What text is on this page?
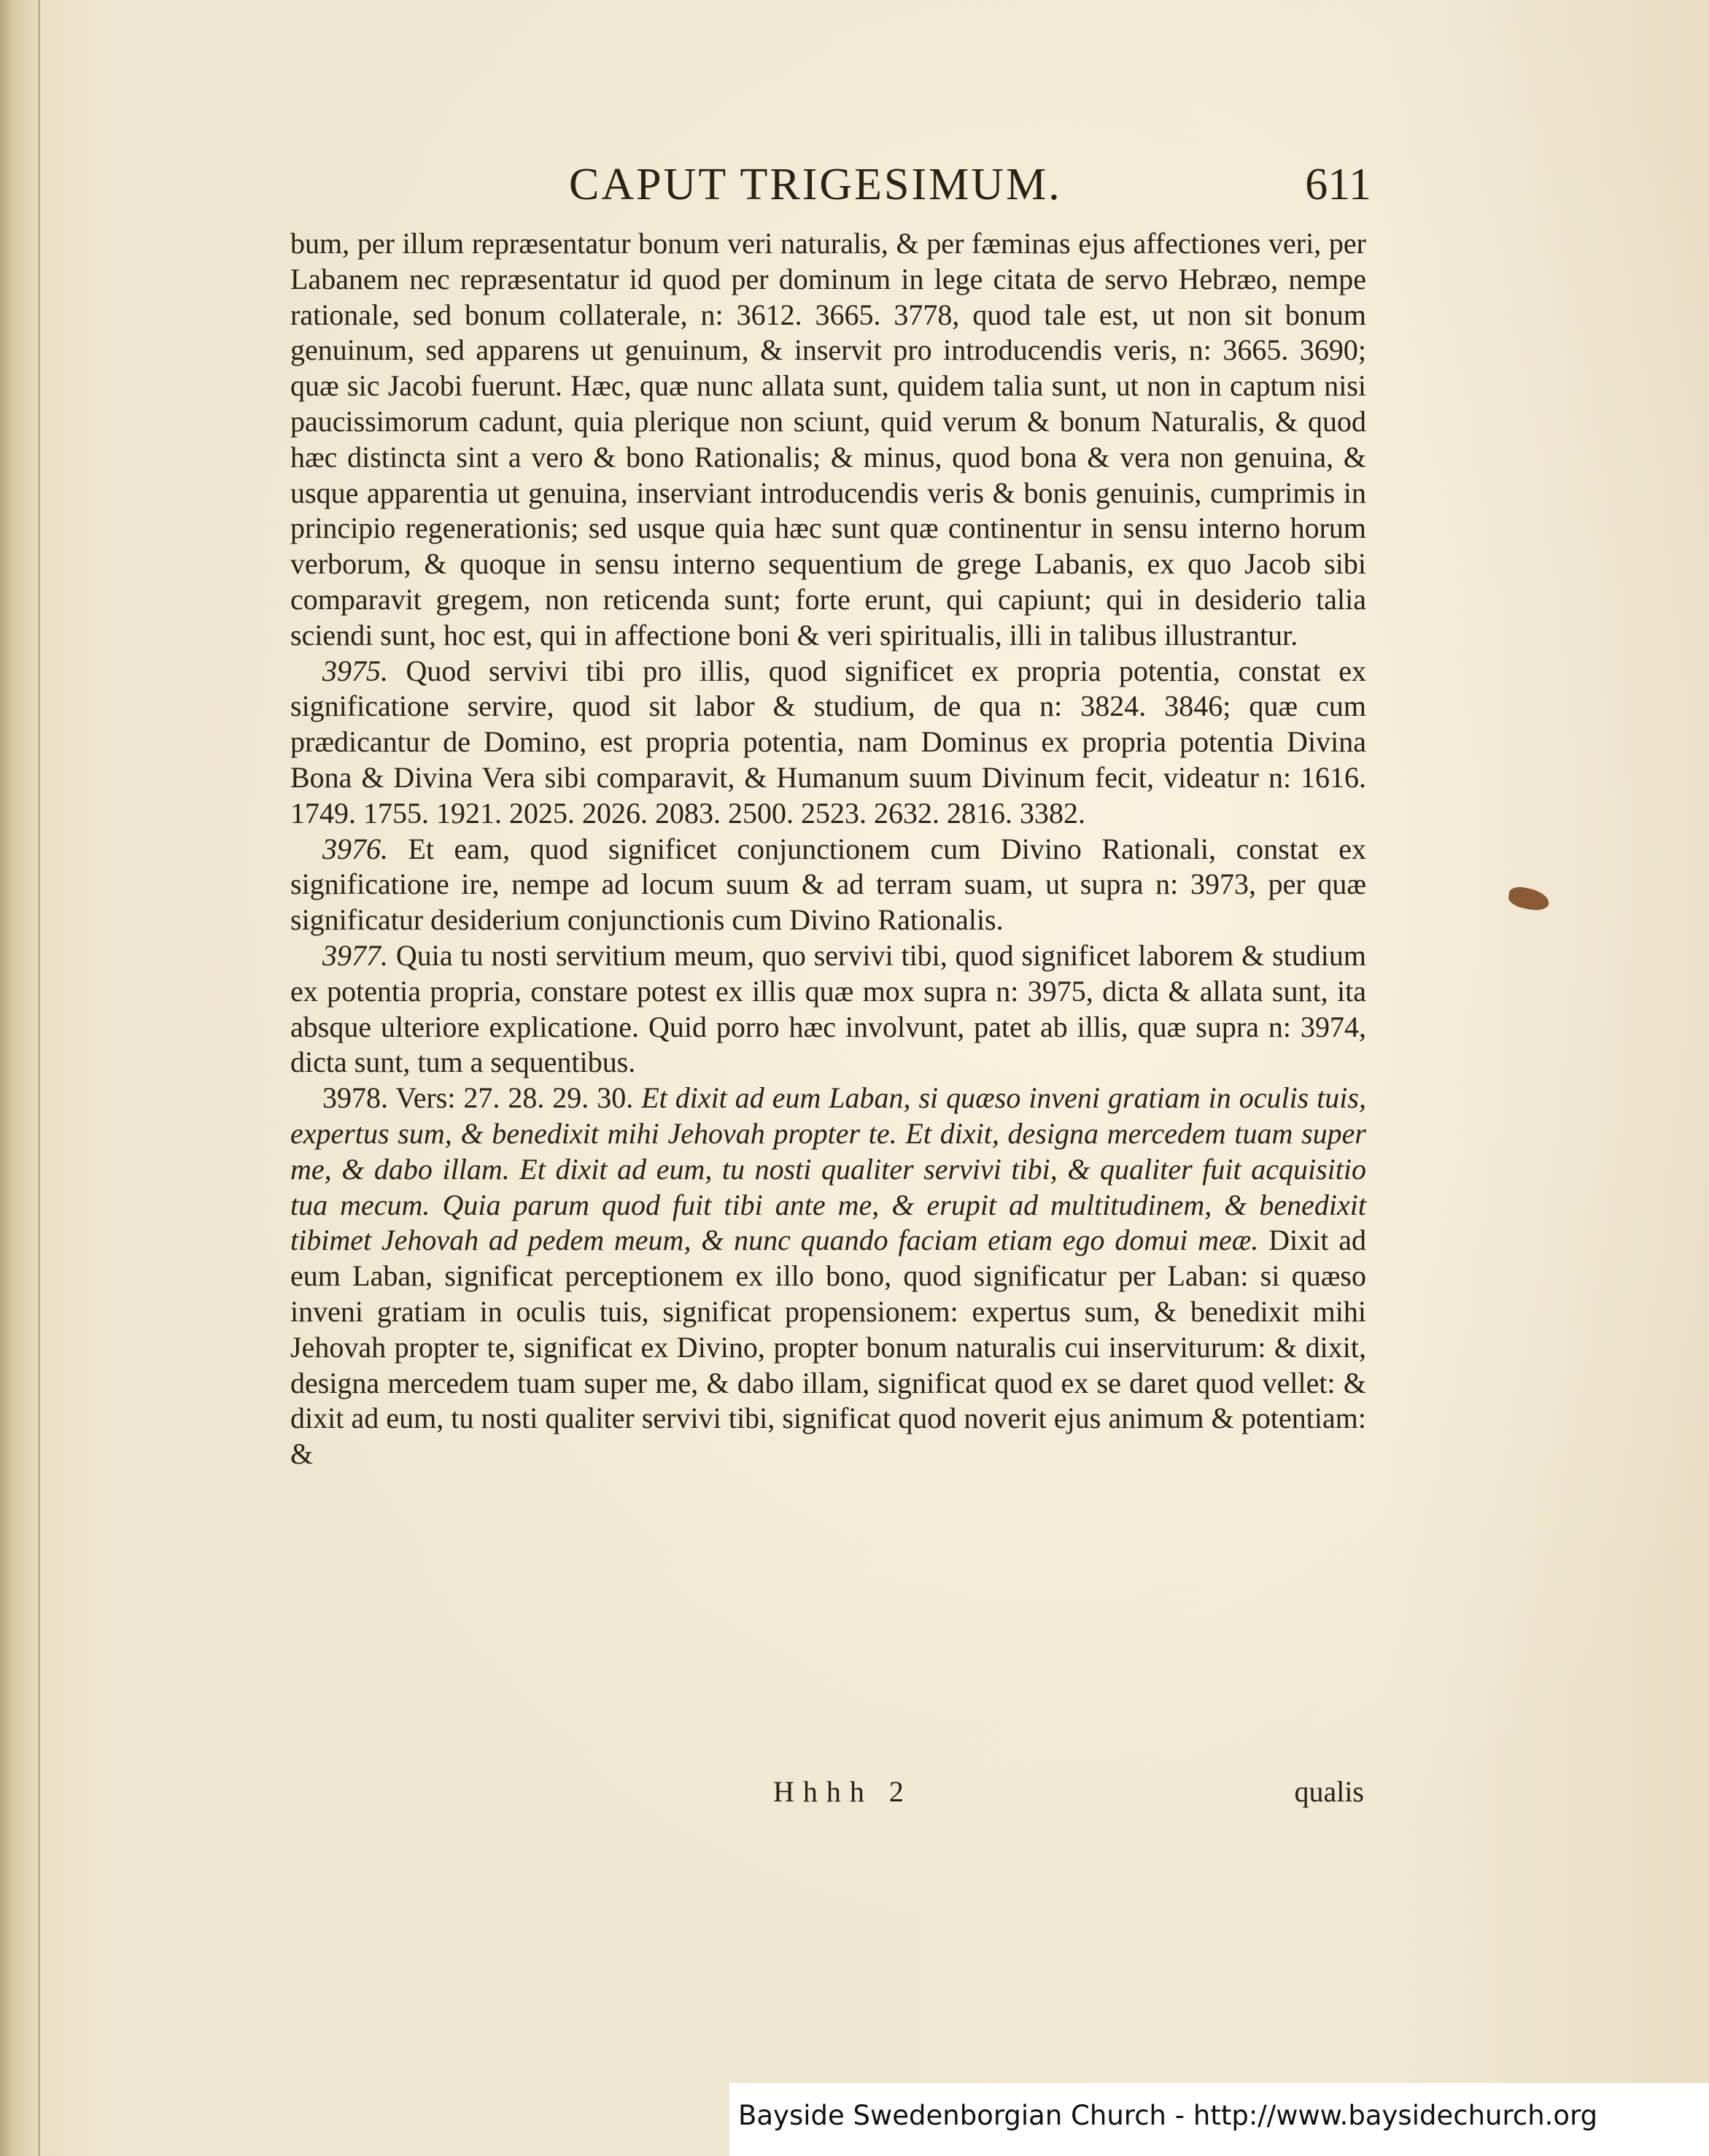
CAPUT TRIGESIMUM.	611

bum, per illum repræsentatur bonum veri naturalis, & per fæminas ejus affectiones veri, per Labanem nec repræsentatur id quod per dominum in lege citata de servo Hebræo, nempe rationale, sed bonum collaterale, n: 3612. 3665. 3778, quod tale est, ut non sit bonum genuinum, sed apparens ut genuinum, & inservit pro introducendis veris, n: 3665. 3690; quæ sic Jacobi fuerunt. Hæc, quæ nunc allata sunt, quidem talia sunt, ut non in captum nisi paucissimorum cadunt, quia plerique non sciunt, quid verum & bonum Naturalis, & quod hæc distincta sint a vero & bono Rationalis; & minus, quod bona & vera non genuina, & usque apparentia ut genuina, inserviant introducendis veris & bonis genuinis, cumprimis in principio regenerationis; sed usque quia hæc sunt quæ continentur in sensu interno horum verborum, & quoque in sensu interno sequentium de grege Labanis, ex quo Jacob sibi comparavit gregem, non reticenda sunt; forte erunt, qui capiunt; qui in desiderio talia sciendi sunt, hoc est, qui in affectione boni & veri spiritualis, illi in talibus illustrantur.

3975. Quod servivi tibi pro illis, quod significet ex propria potentia, constat ex significatione servire, quod sit labor & studium, de qua n: 3824. 3846; quæ cum prædicantur de Domino, est propria potentia, nam Dominus ex propria potentia Divina Bona & Divina Vera sibi comparavit, & Humanum suum Divinum fecit, videatur n: 1616. 1749. 1755. 1921. 2025. 2026. 2083. 2500. 2523. 2632. 2816. 3382.

3976. Et eam, quod significet conjunctionem cum Divino Rationali, constat ex significatione ire, nempe ad locum suum & ad terram suam, ut supra n: 3973, per quæ significatur desiderium conjunctionis cum Divino Rationalis.

3977. Quia tu nosti servitium meum, quo servivi tibi, quod significet laborem & studium ex potentia propria, constare potest ex illis quæ mox supra n: 3975, dicta & allata sunt, ita absque ulteriore explicatione. Quid porro hæc involvunt, patet ab illis, quæ supra n: 3974, dicta sunt, tum a sequentibus.

3978. Vers: 27. 28. 29. 30. Et dixit ad eum Laban, si quæso inveni gratiam in oculis tuis, expertus sum, & benedixit mihi Jehovah propter te. Et dixit, designa mercedem tuam super me, & dabo illam. Et dixit ad eum, tu nosti qualiter servivi tibi, & qualiter fuit acquisitio tua mecum. Quia parum quod fuit tibi ante me, & erupit ad multitudinem, & benedixit tibimet Jehovah ad pedem meum, & nunc quando faciam etiam ego domui meæ. Dixit ad eum Laban, significat perceptionem ex illo bono, quod significatur per Laban: si quæso inveni gratiam in oculis tuis, significat propensionem: expertus sum, & benedixit mihi Jehovah propter te, significat ex Divino, propter bonum naturalis cui inserviturum: & dixit, designa mercedem tuam super me, & dabo illam, significat quod ex se daret quod vellet: & dixit ad eum, tu nosti qualiter servivi tibi, significat quod noverit ejus animum & potentiam: &

Hhhh 2	qualis
Bayside Swedenborgian Church - http://www.baysidechurch.org
